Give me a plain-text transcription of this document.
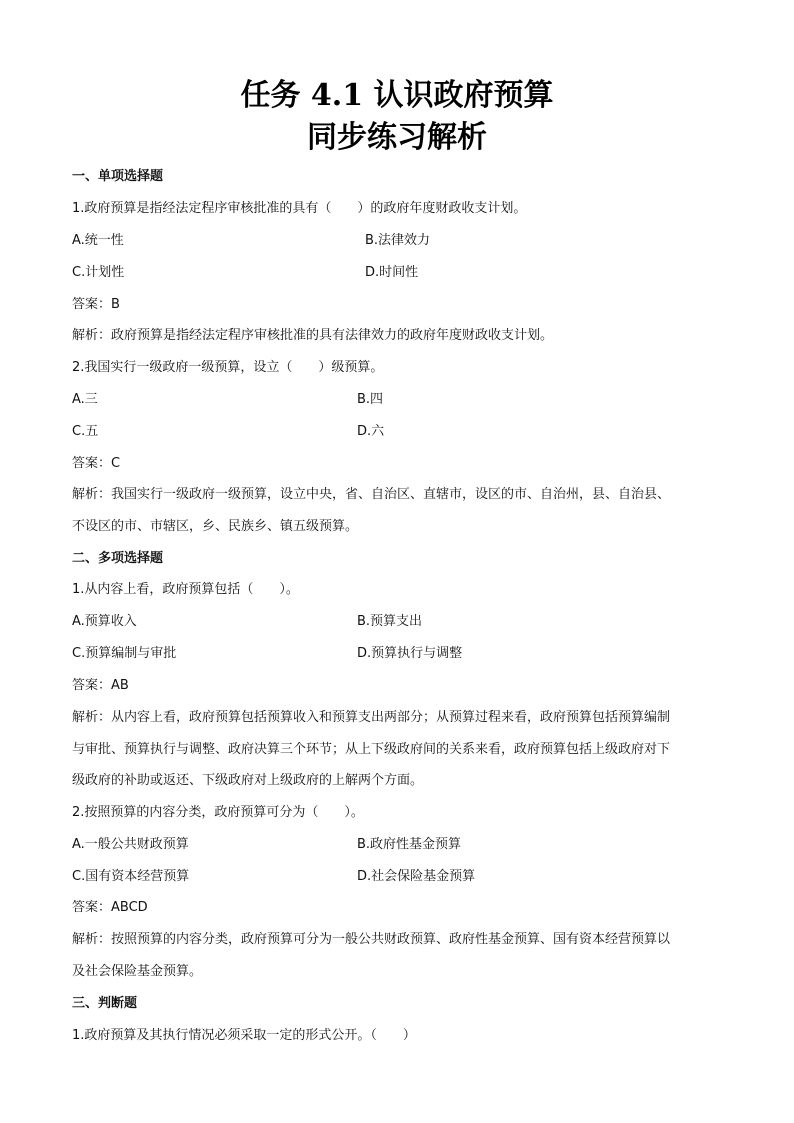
任务 4.1 认识政府预算
同步练习解析
一、单项选择题
1.政府预算是指经法定程序审核批准的具有（　　）的政府年度财政收支计划。
A.统一性	B.法律效力
C.计划性	D.时间性
答案：B
解析：政府预算是指经法定程序审核批准的具有法律效力的政府年度财政收支计划。
2.我国实行一级政府一级预算，设立（　　）级预算。
A.三	B.四
C.五	D.六
答案：C
解析：我国实行一级政府一级预算，设立中央，省、自治区、直辖市，设区的市、自治州，县、自治县、
不设区的市、市辖区，乡、民族乡、镇五级预算。
二、多项选择题
1.从内容上看，政府预算包括（　　）。
A.预算收入	B.预算支出
C.预算编制与审批	D.预算执行与调整
答案：AB
解析：从内容上看，政府预算包括预算收入和预算支出两部分；从预算过程来看，政府预算包括预算编制
与审批、预算执行与调整、政府决算三个环节；从上下级政府间的关系来看，政府预算包括上级政府对下
级政府的补助或返还、下级政府对上级政府的上解两个方面。
2.按照预算的内容分类，政府预算可分为（　　）。
A.一般公共财政预算	B.政府性基金预算
C.国有资本经营预算	D.社会保险基金预算
答案：ABCD
解析：按照预算的内容分类，政府预算可分为一般公共财政预算、政府性基金预算、国有资本经营预算以
及社会保险基金预算。
三、判断题
1.政府预算及其执行情况必须采取一定的形式公开。（　　）
